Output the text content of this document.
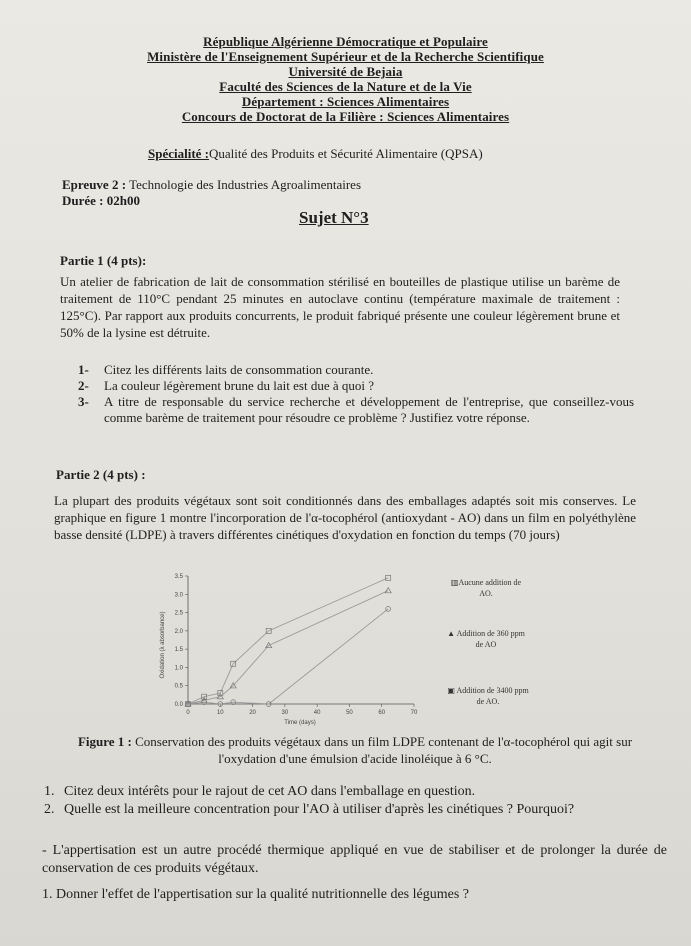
République Algérienne Démocratique et Populaire
Ministère de l'Enseignement Supérieur et de la Recherche Scientifique
Université de Bejaia
Faculté des Sciences de la Nature et de la Vie
Département : Sciences Alimentaires
Concours de Doctorat de la Filière : Sciences Alimentaires
Spécialité :Qualité des Produits et Sécurité Alimentaire (QPSA)
Epreuve 2 : Technologie des Industries Agroalimentaires
Durée : 02h00
Sujet N°3
Partie 1 (4 pts):
Un atelier de fabrication de lait de consommation stérilisé en bouteilles de plastique utilise un barème de traitement de 110°C pendant 25 minutes en autoclave continu (température maximale de traitement : 125°C). Par rapport aux produits concurrents, le produit fabriqué présente une couleur légèrement brune et 50% de la lysine est détruite.
1- Citez les différents laits de consommation courante.
2- La couleur légèrement brune du lait est due à quoi ?
3- A titre de responsable du service recherche et développement de l'entreprise, que conseillez-vous comme barème de traitement pour résoudre ce problème ? Justifiez votre réponse.
Partie 2 (4 pts) :
La plupart des produits végétaux sont soit conditionnés dans des emballages adaptés soit mis conserves. Le graphique en figure 1 montre l'incorporation de l'α-tocophérol (antioxydant - AO) dans un film en polyéthylène basse densité (LDPE) à travers différentes cinétiques d'oxydation en fonction du temps (70 jours)
0.0
0.5
1.0
1.5
2.0
2.5
3.0
3.5
0	10	20	30	40	50	60	70
Time (days)
Oxidation (λ absorbance)
▥Aucune addition de
AO.
▲ Addition de 360 ppm
de AO
▣ Addition de 3400 ppm
de AO.
Figure 1 : Conservation des produits végétaux dans un film LDPE contenant de l'α-tocophérol qui agit sur l'oxydation d'une émulsion d'acide linoléique à 6 °C.
1. Citez deux intérêts pour le rajout de cet AO dans l'emballage en question.
2. Quelle est la meilleure concentration pour l'AO à utiliser d'après les cinétiques ? Pourquoi?
- L'appertisation est un autre procédé thermique appliqué en vue de stabiliser et de prolonger la durée de conservation de ces produits végétaux.
1. Donner l'effet de l'appertisation sur la qualité nutritionnelle des légumes ?
